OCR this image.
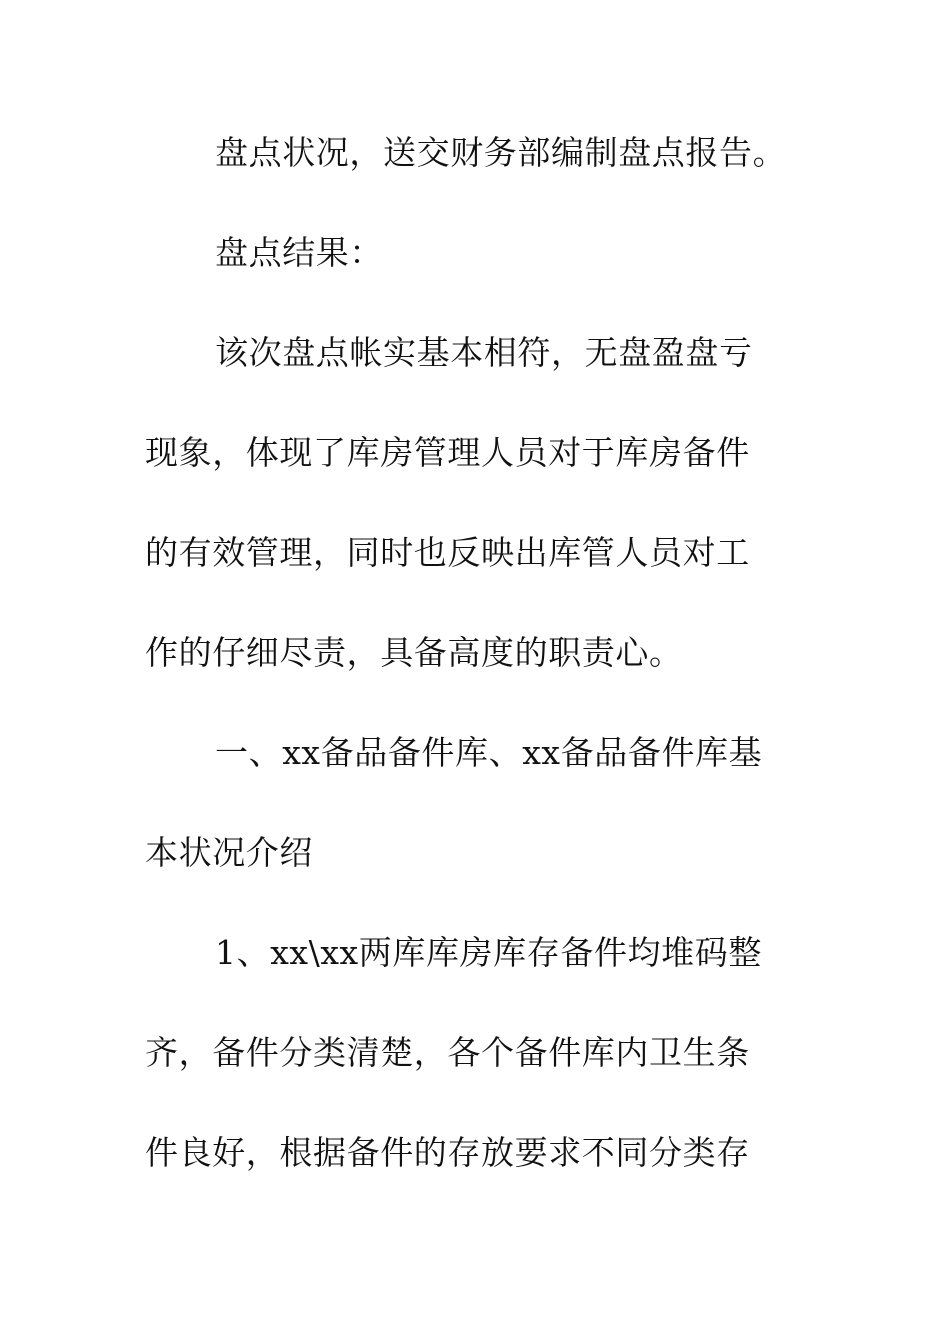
盘点状况，送交财务部编制盘点报告。

盘点结果：

该次盘点帐实基本相符，无盘盈盘亏

现象，体现了库房管理人员对于库房备件

的有效管理，同时也反映出库管人员对工

作的仔细尽责，具备高度的职责心。

一、xx备品备件库、xx备品备件库基

本状况介绍

1、xx\xx两库库房库存备件均堆码整

齐，备件分类清楚，各个备件库内卫生条

件良好，根据备件的存放要求不同分类存
